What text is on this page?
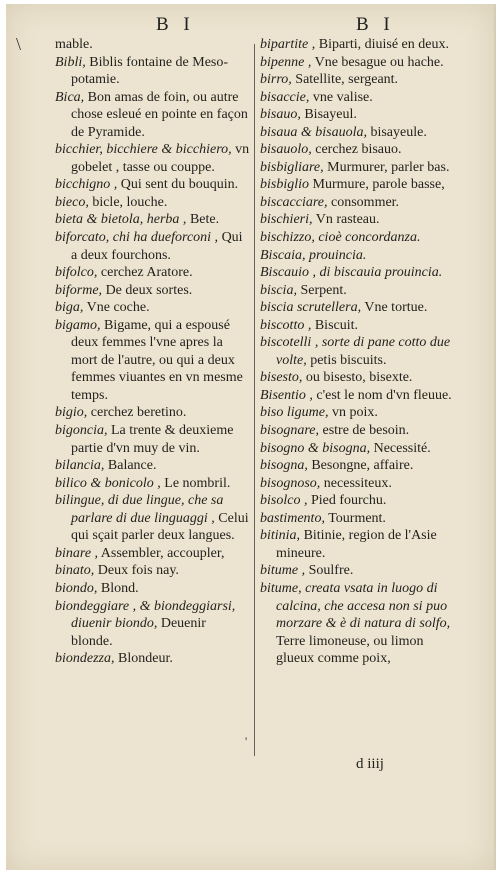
\
B I	B I

mable.

Bibli, Biblis fontaine de Meso-potamie.

Bica, Bon amas de foin, ou autre chose esleué en pointe en façon de Pyramide.

bicchier, bicchiere & bicchiero, vn gobelet , tasse ou couppe.

bicchigno , Qui sent du bouquin.

bieco, bicle, louche.

bieta & bietola, herba , Bete.

biforcato, chi ha dueforconi , Qui a deux fourchons.

bifolco, cerchez Aratore.

biforme, De deux sortes.

biga, Vne coche.

bigamo, Bigame, qui a espousé deux femmes l'vne apres la mort de l'autre, ou qui a deux femmes viuantes en vn mesme temps.

bigio, cerchez beretino.

bigoncia, La trente & deuxieme partie d'vn muy de vin.

bilancia, Balance.

bilico & bonicolo , Le nombril.

bilingue, di due lingue, che sa parlare di due linguaggi , Celui qui sçait parler deux langues.

binare , Assembler, accoupler,

binato, Deux fois nay.

biondo, Blond.

biondeggiare , & biondeggiarsi, diuenir biondo, Deuenir blonde.

biondezza, Blondeur.

'

bipartite , Biparti, diuisé en deux.

bipenne , Vne besague ou hache.

birro, Satellite, sergeant.

bisaccie, vne valise.

bisauo, Bisayeul.

bisaua & bisauola, bisayeule.

bisauolo, cerchez bisauo.

bisbigliare, Murmurer, parler bas.

bisbiglio Murmure, parole basse,

biscacciare, consommer.

bischieri, Vn rasteau.

bischizzo, cioè concordanza.

Biscaia, prouincia.

Biscauio , di biscauia prouincia.

biscia, Serpent.

biscia scrutellera, Vne tortue.

biscotto , Biscuit.

biscotelli , sorte di pane cotto due volte, petis biscuits.

bisesto, ou bisesto, bisexte.

Bisentio , c'est le nom d'vn fleuue.

biso ligume, vn poix.

bisognare, estre de besoin.

bisogno & bisogna, Necessité.

bisogna, Besongne, affaire.

bisognoso, necessiteux.

bisolco , Pied fourchu.

bastimento, Tourment.

bitinia, Bitinie, region de l'Asie mineure.

bitume , Soulfre.

bitume, creata vsata in luogo di calcina, che accesa non si puo morzare & è di natura di solfo, Terre limoneuse, ou limon glueux comme poix,

d iiij
